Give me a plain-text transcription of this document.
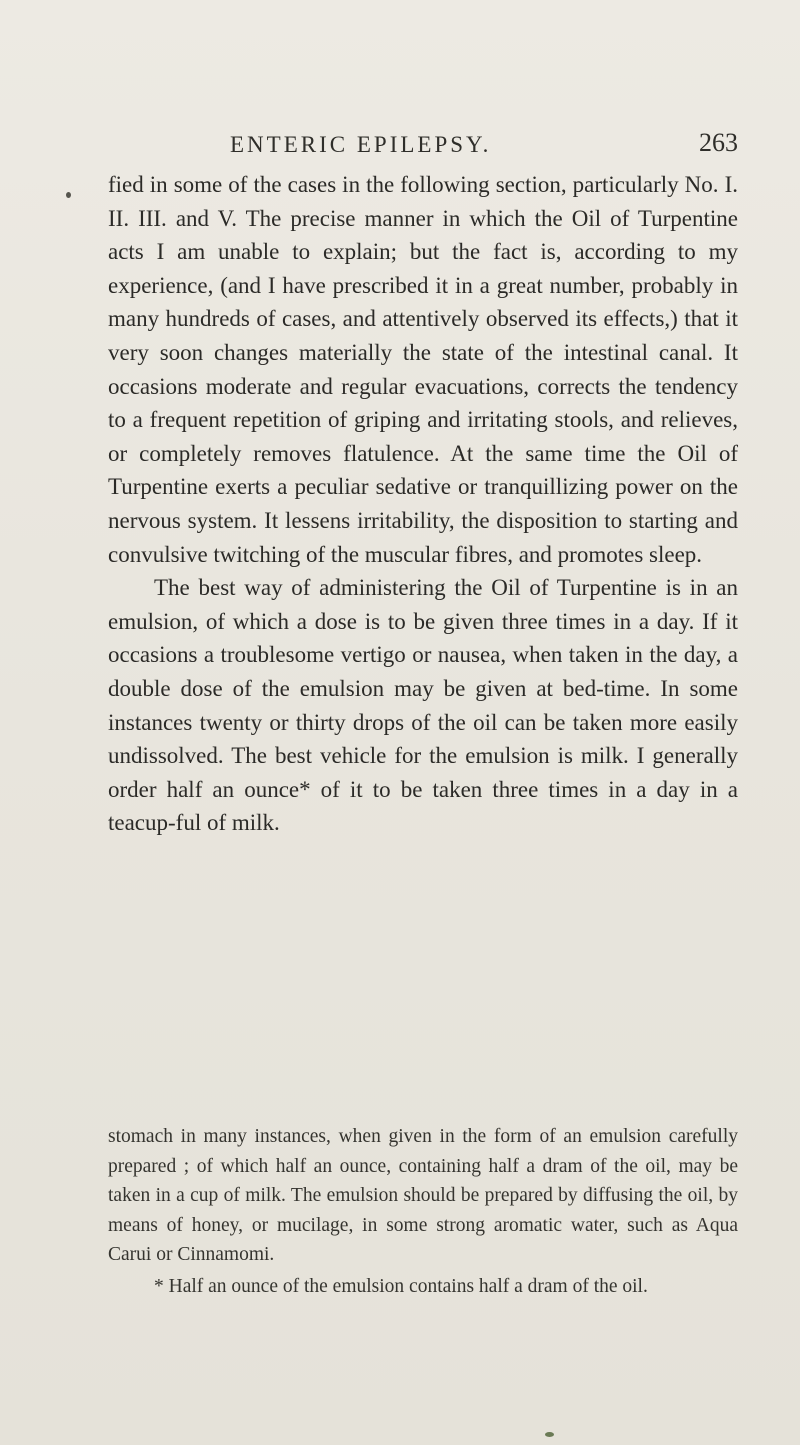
ENTERIC EPILEPSY.	263

fied in some of the cases in the following section, particularly No. I. II. III. and V. The precise manner in which the Oil of Turpentine acts I am unable to explain; but the fact is, according to my experience, (and I have prescribed it in a great number, probably in many hundreds of cases, and attentively observed its effects,) that it very soon changes materially the state of the intestinal canal. It occasions moderate and regular evacuations, corrects the tendency to a frequent repetition of griping and irritating stools, and relieves, or completely removes flatulence. At the same time the Oil of Turpentine exerts a peculiar sedative or tranquillizing power on the nervous system. It lessens irritability, the disposition to starting and convulsive twitching of the muscular fibres, and promotes sleep.

The best way of administering the Oil of Turpentine is in an emulsion, of which a dose is to be given three times in a day. If it occasions a troublesome vertigo or nausea, when taken in the day, a double dose of the emulsion may be given at bed-time. In some instances twenty or thirty drops of the oil can be taken more easily undissolved. The best vehicle for the emulsion is milk. I generally order half an ounce* of it to be taken three times in a day in a teacup-ful of milk.

stomach in many instances, when given in the form of an emulsion carefully prepared ; of which half an ounce, containing half a dram of the oil, may be taken in a cup of milk. The emulsion should be prepared by diffusing the oil, by means of honey, or mucilage, in some strong aromatic water, such as Aqua Carui or Cinnamomi.

* Half an ounce of the emulsion contains half a dram of the oil.
